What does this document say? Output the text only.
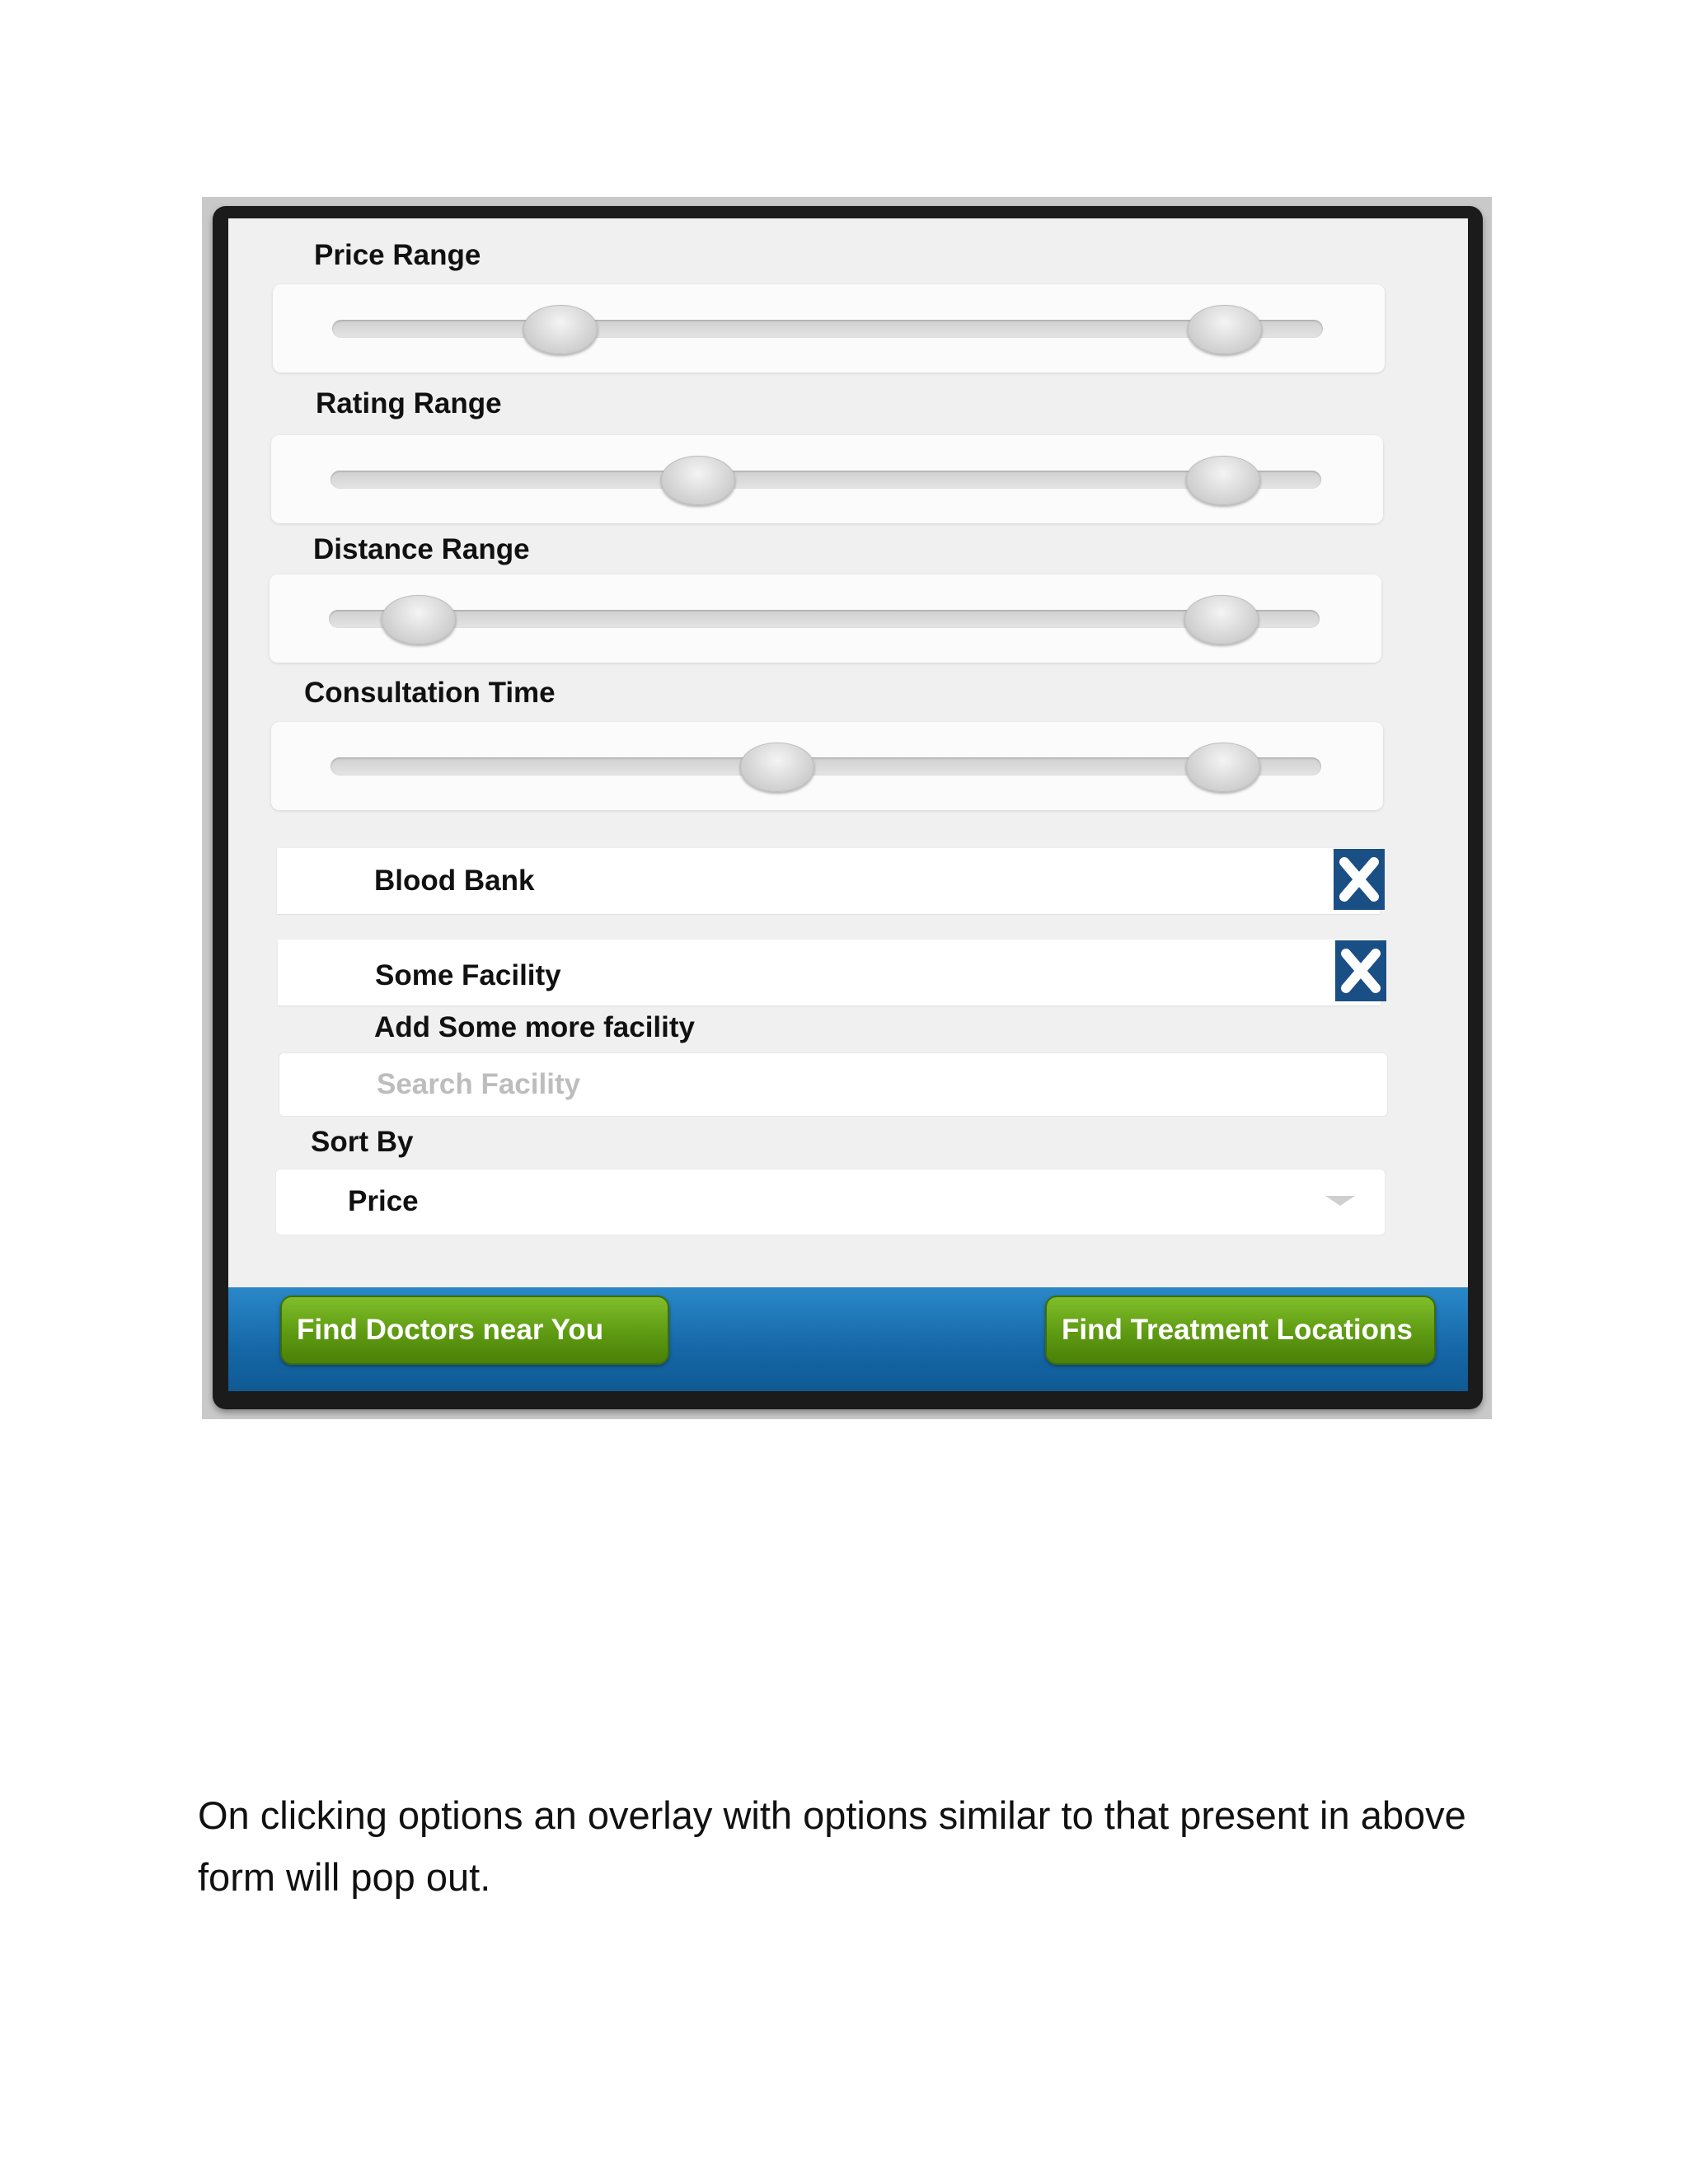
Price Range
Rating Range
Distance Range
Consultation Time
Blood Bank
Some Facility
Add Some more facility
Search Facility
Sort By
Price
Find Doctors near You	Find Treatment Locations
On clicking options an overlay with options similar to that present in above form will pop out.
